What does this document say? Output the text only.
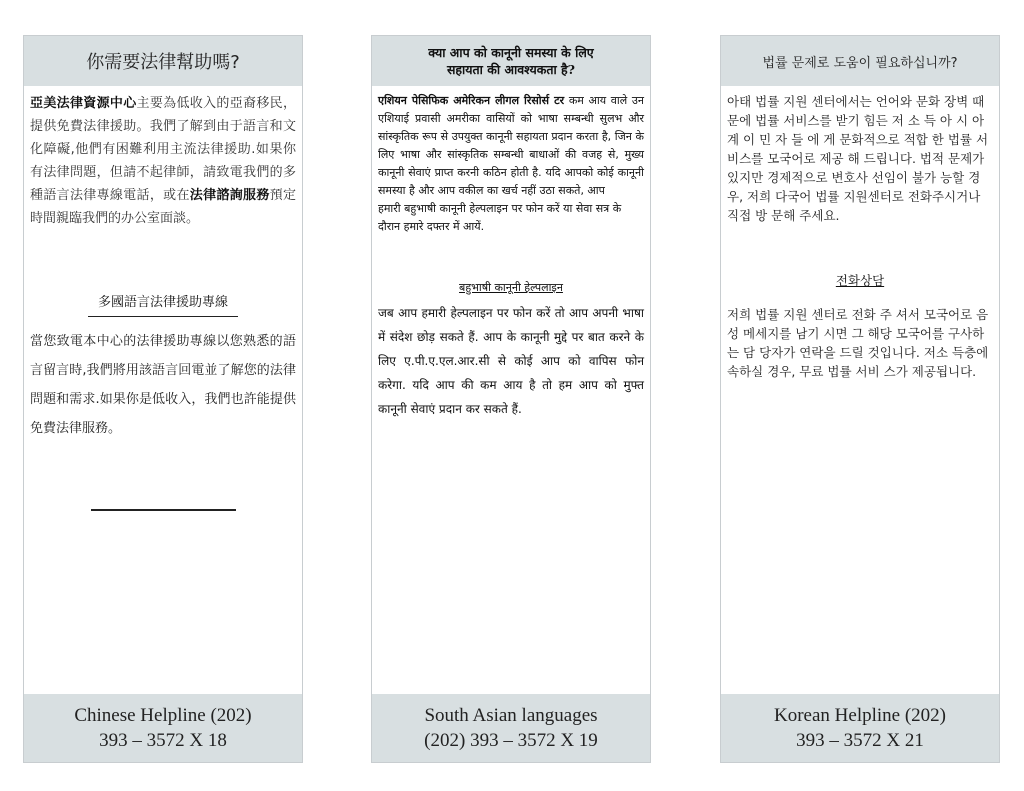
你需要法律幫助嗎?

亞美法律資源中心主要為低收入的亞裔移民，提供免費法律援助。我們了解到由于語言和文化障礙,他們有困難利用主流法律援助.如果你有法律問題，但請不起律師，請致電我們的多種語言法律專線電話，或在法律諮詢服務預定時間親臨我們的办公室面談。

多國語言法律援助專線

當您致電本中心的法律援助專線以您熟悉的語言留言時,我們將用該語言回電並了解您的法律問題和需求.如果你是低收入，我們也許能提供免費法律服務。

Chinese Helpline (202)
393 – 3572 X 18
क्या आप को कानूनी समस्या के लिए
सहायता की आवश्यकता है?

एशियन पेसिफिक अमेरिकन लीगल रिसोर्स टर कम आय वाले उन एशियाई प्रवासी अमरीका वासियों को भाषा सम्बन्धी सुलभ और सांस्कृतिक रूप से उपयुक्त कानूनी सहायता प्रदान करता है, जिन के लिए भाषा और सांस्कृतिक सम्बन्धी बाधाओं की वजह से, मुख्य कानूनी सेवाएं प्राप्त करनी कठिन होती है. यदि आपको कोई कानूनी समस्या है और आप वकील का खर्च नहीं उठा सकते, आप

हमारी बहुभाषी कानूनी हेल्पलाइन पर फोन करें या सेवा सत्र के दौरान हमारे दफ्तर में आयें.

बहुभाषी कानूनी हेल्पलाइन

जब आप हमारी हेल्पलाइन पर फोन करें तो आप अपनी भाषा में संदेश छोड़ सकते हैं. आप के कानूनी मुद्दे पर बात करने के लिए ए.पी.ए.एल.आर.सी से कोई आप को वापिस फोन करेगा. यदि आप की कम आय है तो हम आप को मुफ्त कानूनी सेवाएं प्रदान कर सकते हैं.

South Asian languages
(202) 393 – 3572 X 19
법률 문제로 도움이 필요하십니까?

아태 법률 지원 센터에서는 언어와 문화 장벽 때문에 법률 서비스를 받기 힘든 저 소 득 아 시 아 계 이 민 자 들 에 게 문화적으로 적합 한 법률 서비스를 모국어로 제공 해 드립니다. 법적 문제가 있지만 경제적으로 변호사 선임이 불가 능할 경우, 저희 다국어 법률 지원센터로 전화주시거나 직접 방 문해 주세요.

전화상담

저희 법률 지원 센터로 전화 주 셔서 모국어로 음성 메세지를 남기 시면 그 해당 모국어를 구사하는 담 당자가 연락을 드릴 것입니다. 저소 득층에 속하실 경우, 무료 법률 서비 스가 제공됩니다.

Korean Helpline (202)
393 – 3572 X 21
